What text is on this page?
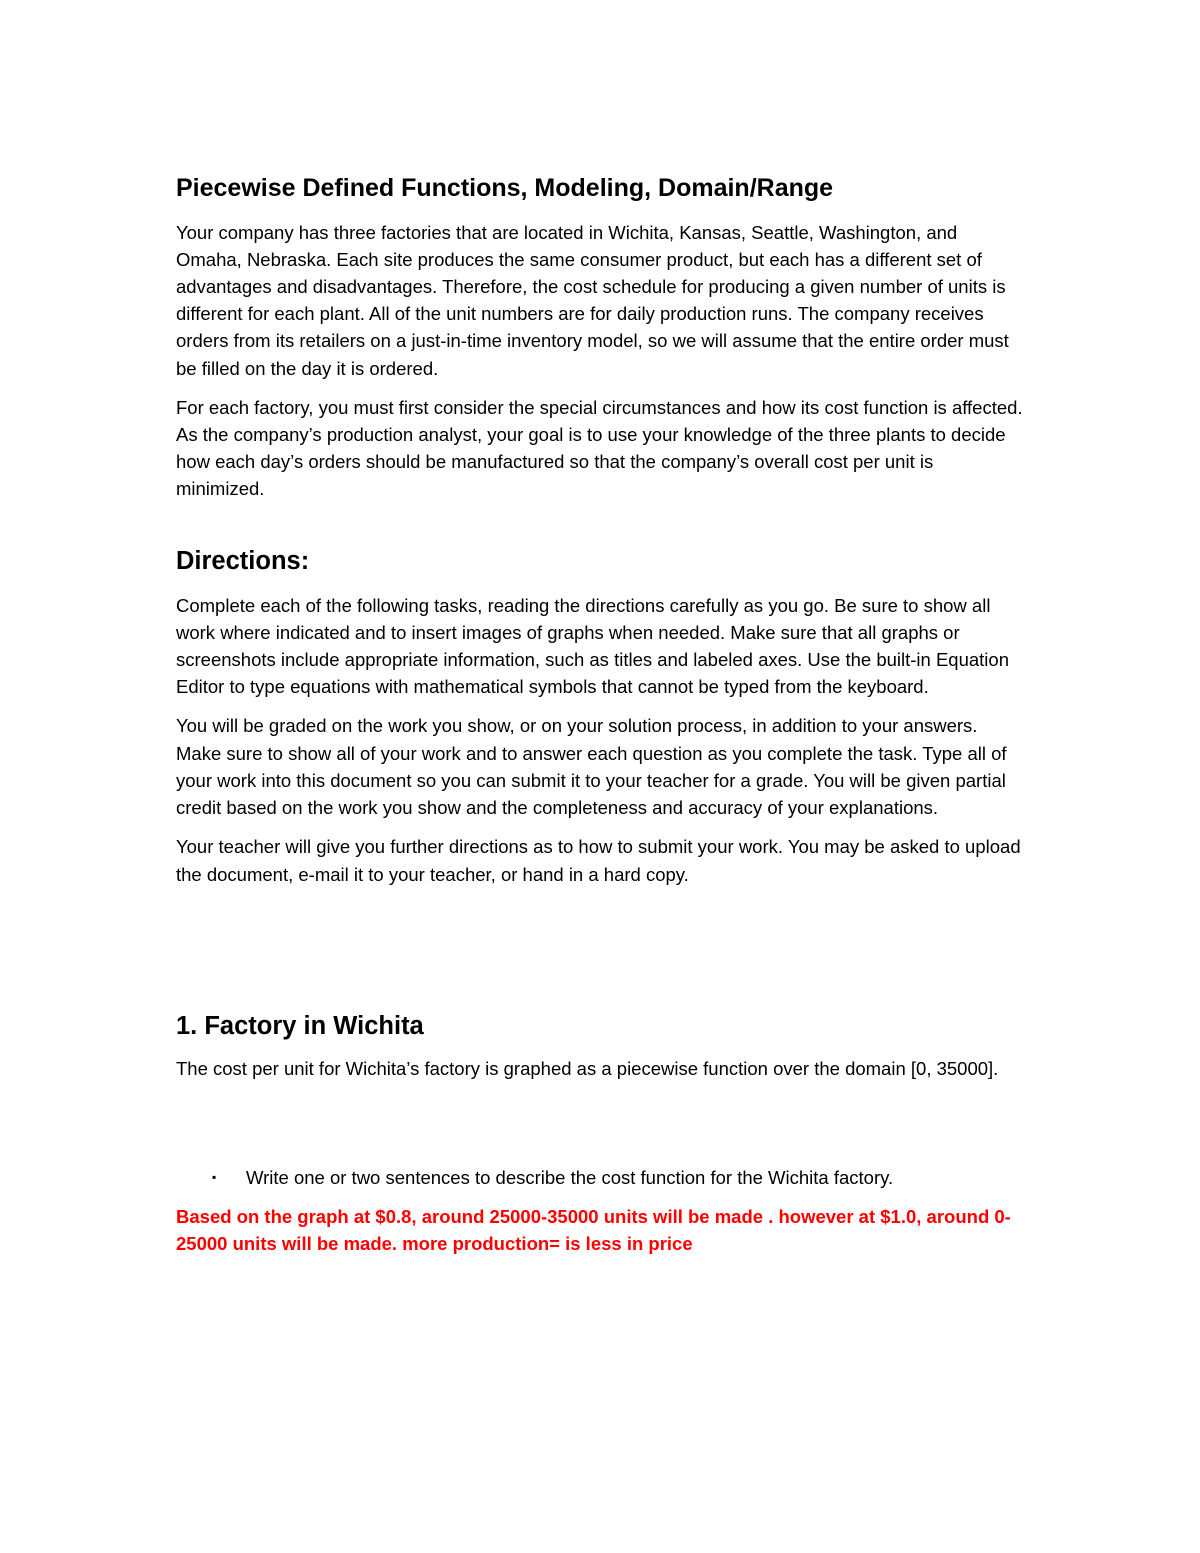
Piecewise Defined Functions, Modeling, Domain/Range

Your company has three factories that are located in Wichita, Kansas, Seattle, Washington, and Omaha, Nebraska. Each site produces the same consumer product, but each has a different set of advantages and disadvantages. Therefore, the cost schedule for producing a given number of units is different for each plant. All of the unit numbers are for daily production runs. The company receives orders from its retailers on a just-in-time inventory model, so we will assume that the entire order must be filled on the day it is ordered.

For each factory, you must first consider the special circumstances and how its cost function is affected. As the company’s production analyst, your goal is to use your knowledge of the three plants to decide how each day’s orders should be manufactured so that the company’s overall cost per unit is minimized.

Directions:

Complete each of the following tasks, reading the directions carefully as you go. Be sure to show all work where indicated and to insert images of graphs when needed. Make sure that all graphs or screenshots include appropriate information, such as titles and labeled axes. Use the built-in Equation Editor to type equations with mathematical symbols that cannot be typed from the keyboard.

You will be graded on the work you show, or on your solution process, in addition to your answers. Make sure to show all of your work and to answer each question as you complete the task. Type all of your work into this document so you can submit it to your teacher for a grade. You will be given partial credit based on the work you show and the completeness and accuracy of your explanations.

Your teacher will give you further directions as to how to submit your work. You may be asked to upload the document, e-mail it to your teacher, or hand in a hard copy.

1. Factory in Wichita

The cost per unit for Wichita’s factory is graphed as a piecewise function over the domain [0, 35000].

▪ Write one or two sentences to describe the cost function for the Wichita factory.

Based on the graph at $0.8, around 25000-35000 units will be made . however at $1.0, around 0-25000 units will be made. more production= is less in price
